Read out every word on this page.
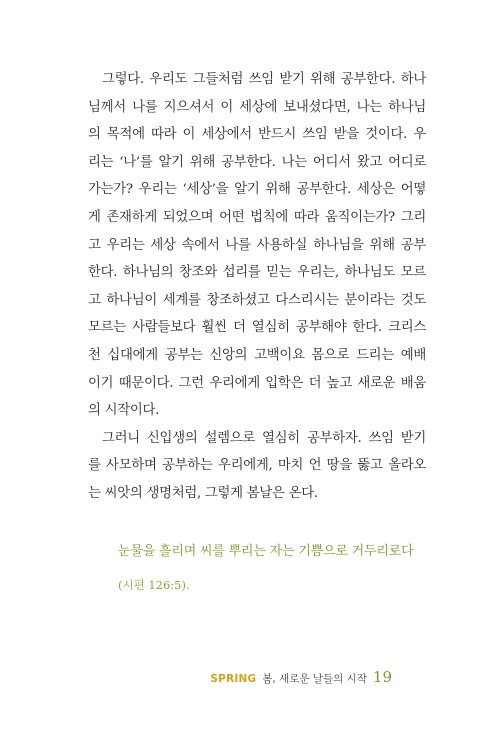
그렇다. 우리도 그들처럼 쓰임 받기 위해 공부한다. 하나
님께서 나를 지으셔서 이 세상에 보내셨다면, 나는 하나님
의 목적에 따라 이 세상에서 반드시 쓰임 받을 것이다. 우
리는 ‘나’를 알기 위해 공부한다. 나는 어디서 왔고 어디로
가는가? 우리는 ‘세상’을 알기 위해 공부한다. 세상은 어떻
게 존재하게 되었으며 어떤 법칙에 따라 움직이는가? 그리
고 우리는 세상 속에서 나를 사용하실 하나님을 위해 공부
한다. 하나님의 창조와 섭리를 믿는 우리는, 하나님도 모르
고 하나님이 세계를 창조하셨고 다스리시는 분이라는 것도
모르는 사람들보다 훨씬 더 열심히 공부해야 한다. 크리스
천 십대에게 공부는 신앙의 고백이요 몸으로 드리는 예배
이기 때문이다. 그런 우리에게 입학은 더 높고 새로운 배움
의 시작이다.
그러니 신입생의 설렘으로 열심히 공부하자. 쓰임 받기
를 사모하며 공부하는 우리에게, 마치 언 땅을 뚫고 올라오
는 씨앗의 생명처럼, 그렇게 봄날은 온다.
눈물을 흘리며 씨를 뿌리는 자는 기쁨으로 거두리로다
(시편 126:5).
SPRING 봄, 새로운 날들의 시작 19
